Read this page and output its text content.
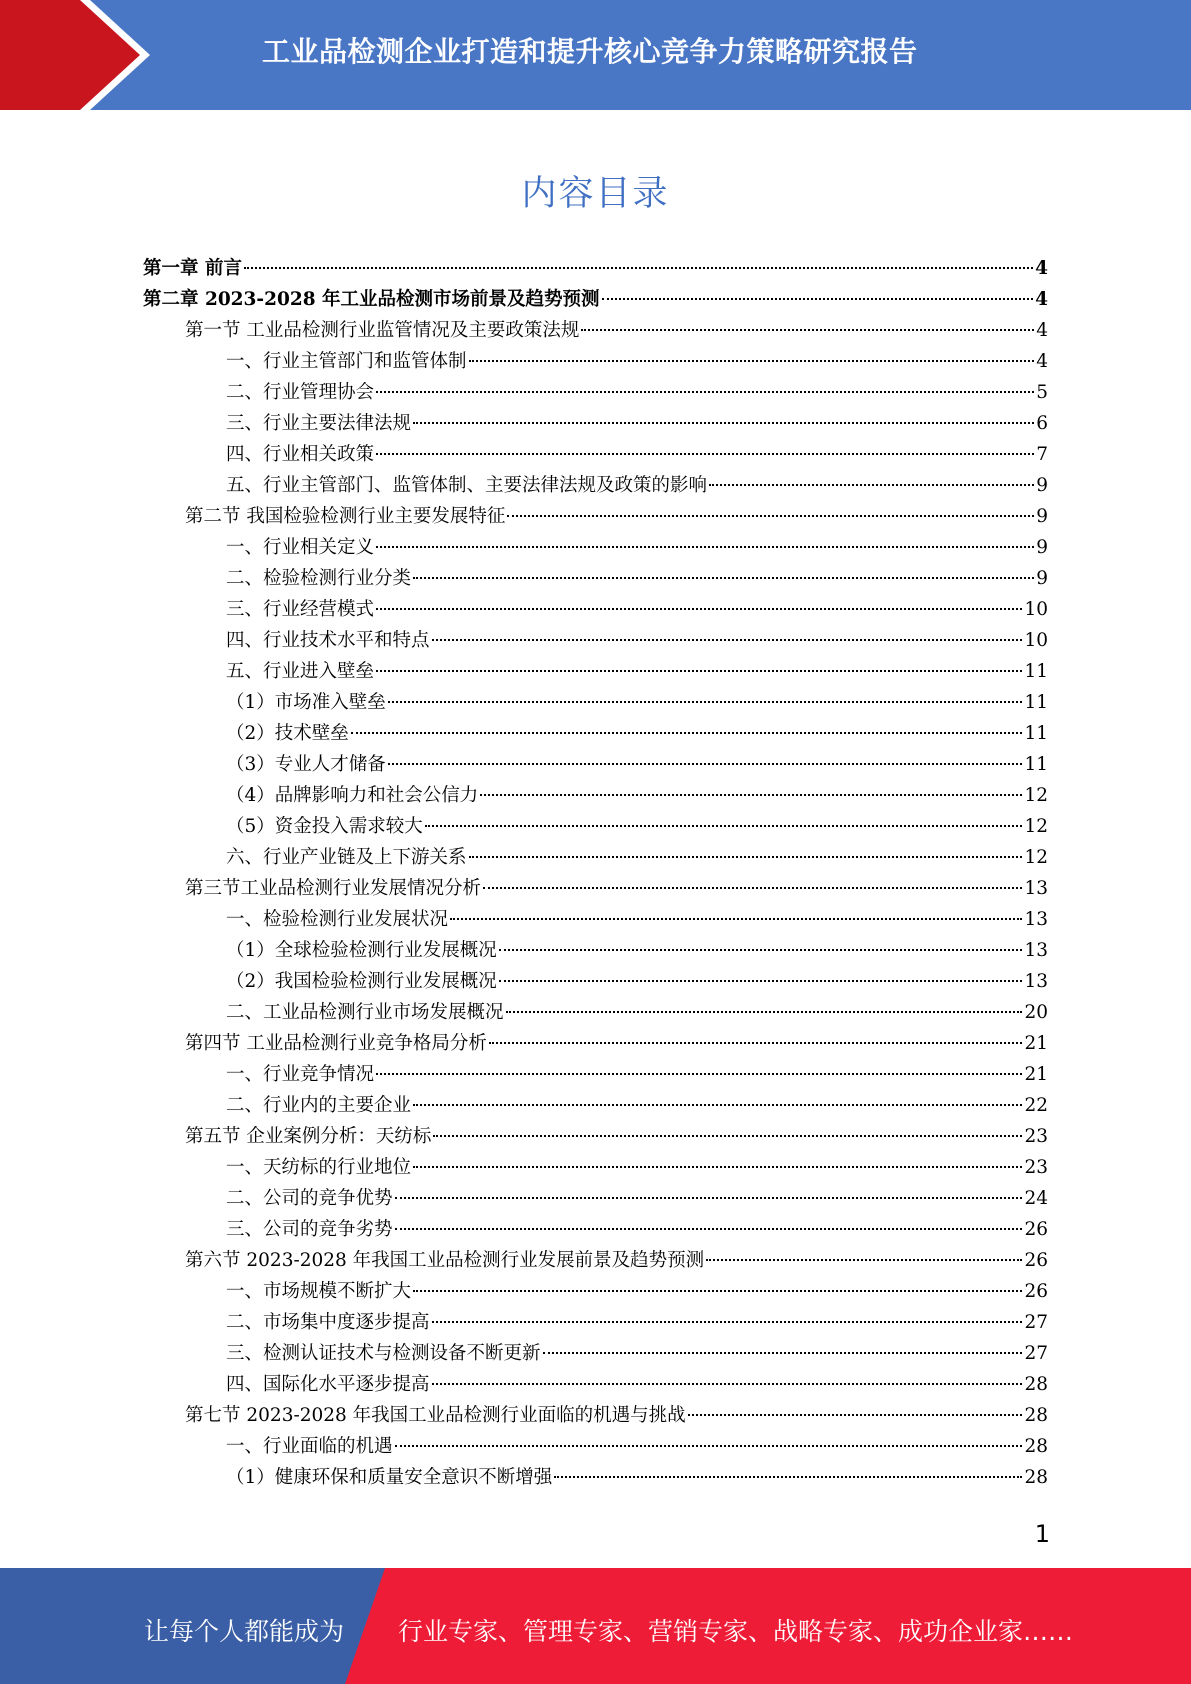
工业品检测企业打造和提升核心竞争力策略研究报告
内容目录
第一章 前言	4
第二章 2023-2028 年工业品检测市场前景及趋势预测	4
第一节 工业品检测行业监管情况及主要政策法规	4
一、行业主管部门和监管体制	4
二、行业管理协会	5
三、行业主要法律法规	6
四、行业相关政策	7
五、行业主管部门、监管体制、主要法律法规及政策的影响	9
第二节 我国检验检测行业主要发展特征	9
一、行业相关定义	9
二、检验检测行业分类	9
三、行业经营模式	10
四、行业技术水平和特点	10
五、行业进入壁垒	11
（1）市场准入壁垒	11
（2）技术壁垒	11
（3）专业人才储备	11
（4）品牌影响力和社会公信力	12
（5）资金投入需求较大	12
六、行业产业链及上下游关系	12
第三节工业品检测行业发展情况分析	13
一、检验检测行业发展状况	13
（1）全球检验检测行业发展概况	13
（2）我国检验检测行业发展概况	13
二、工业品检测行业市场发展概况	20
第四节 工业品检测行业竞争格局分析	21
一、行业竞争情况	21
二、行业内的主要企业	22
第五节 企业案例分析：天纺标	23
一、天纺标的行业地位	23
二、公司的竞争优势	24
三、公司的竞争劣势	26
第六节 2023-2028 年我国工业品检测行业发展前景及趋势预测	26
一、市场规模不断扩大	26
二、市场集中度逐步提高	27
三、检测认证技术与检测设备不断更新	27
四、国际化水平逐步提高	28
第七节 2023-2028 年我国工业品检测行业面临的机遇与挑战	28
一、行业面临的机遇	28
（1）健康环保和质量安全意识不断增强	28
1
让每个人都能成为 行业专家、管理专家、营销专家、战略专家、成功企业家……
